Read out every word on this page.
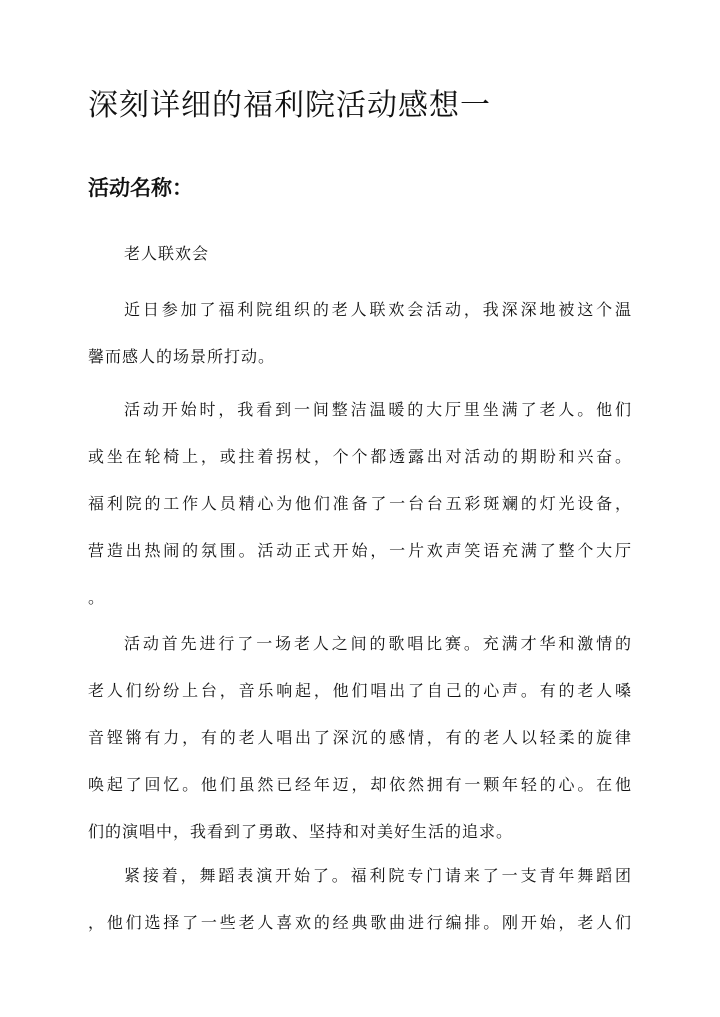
深刻详细的福利院活动感想一
活动名称：
老人联欢会
近日参加了福利院组织的老人联欢会活动，我深深地被这个温
馨而感人的场景所打动。
活动开始时，我看到一间整洁温暖的大厅里坐满了老人。他们
或坐在轮椅上，或拄着拐杖，个个都透露出对活动的期盼和兴奋。
福利院的工作人员精心为他们准备了一台台五彩斑斓的灯光设备，
营造出热闹的氛围。活动正式开始，一片欢声笑语充满了整个大厅
。
活动首先进行了一场老人之间的歌唱比赛。充满才华和激情的
老人们纷纷上台，音乐响起，他们唱出了自己的心声。有的老人嗓
音铿锵有力，有的老人唱出了深沉的感情，有的老人以轻柔的旋律
唤起了回忆。他们虽然已经年迈，却依然拥有一颗年轻的心。在他
们的演唱中，我看到了勇敢、坚持和对美好生活的追求。
紧接着，舞蹈表演开始了。福利院专门请来了一支青年舞蹈团
，他们选择了一些老人喜欢的经典歌曲进行编排。刚开始，老人们
